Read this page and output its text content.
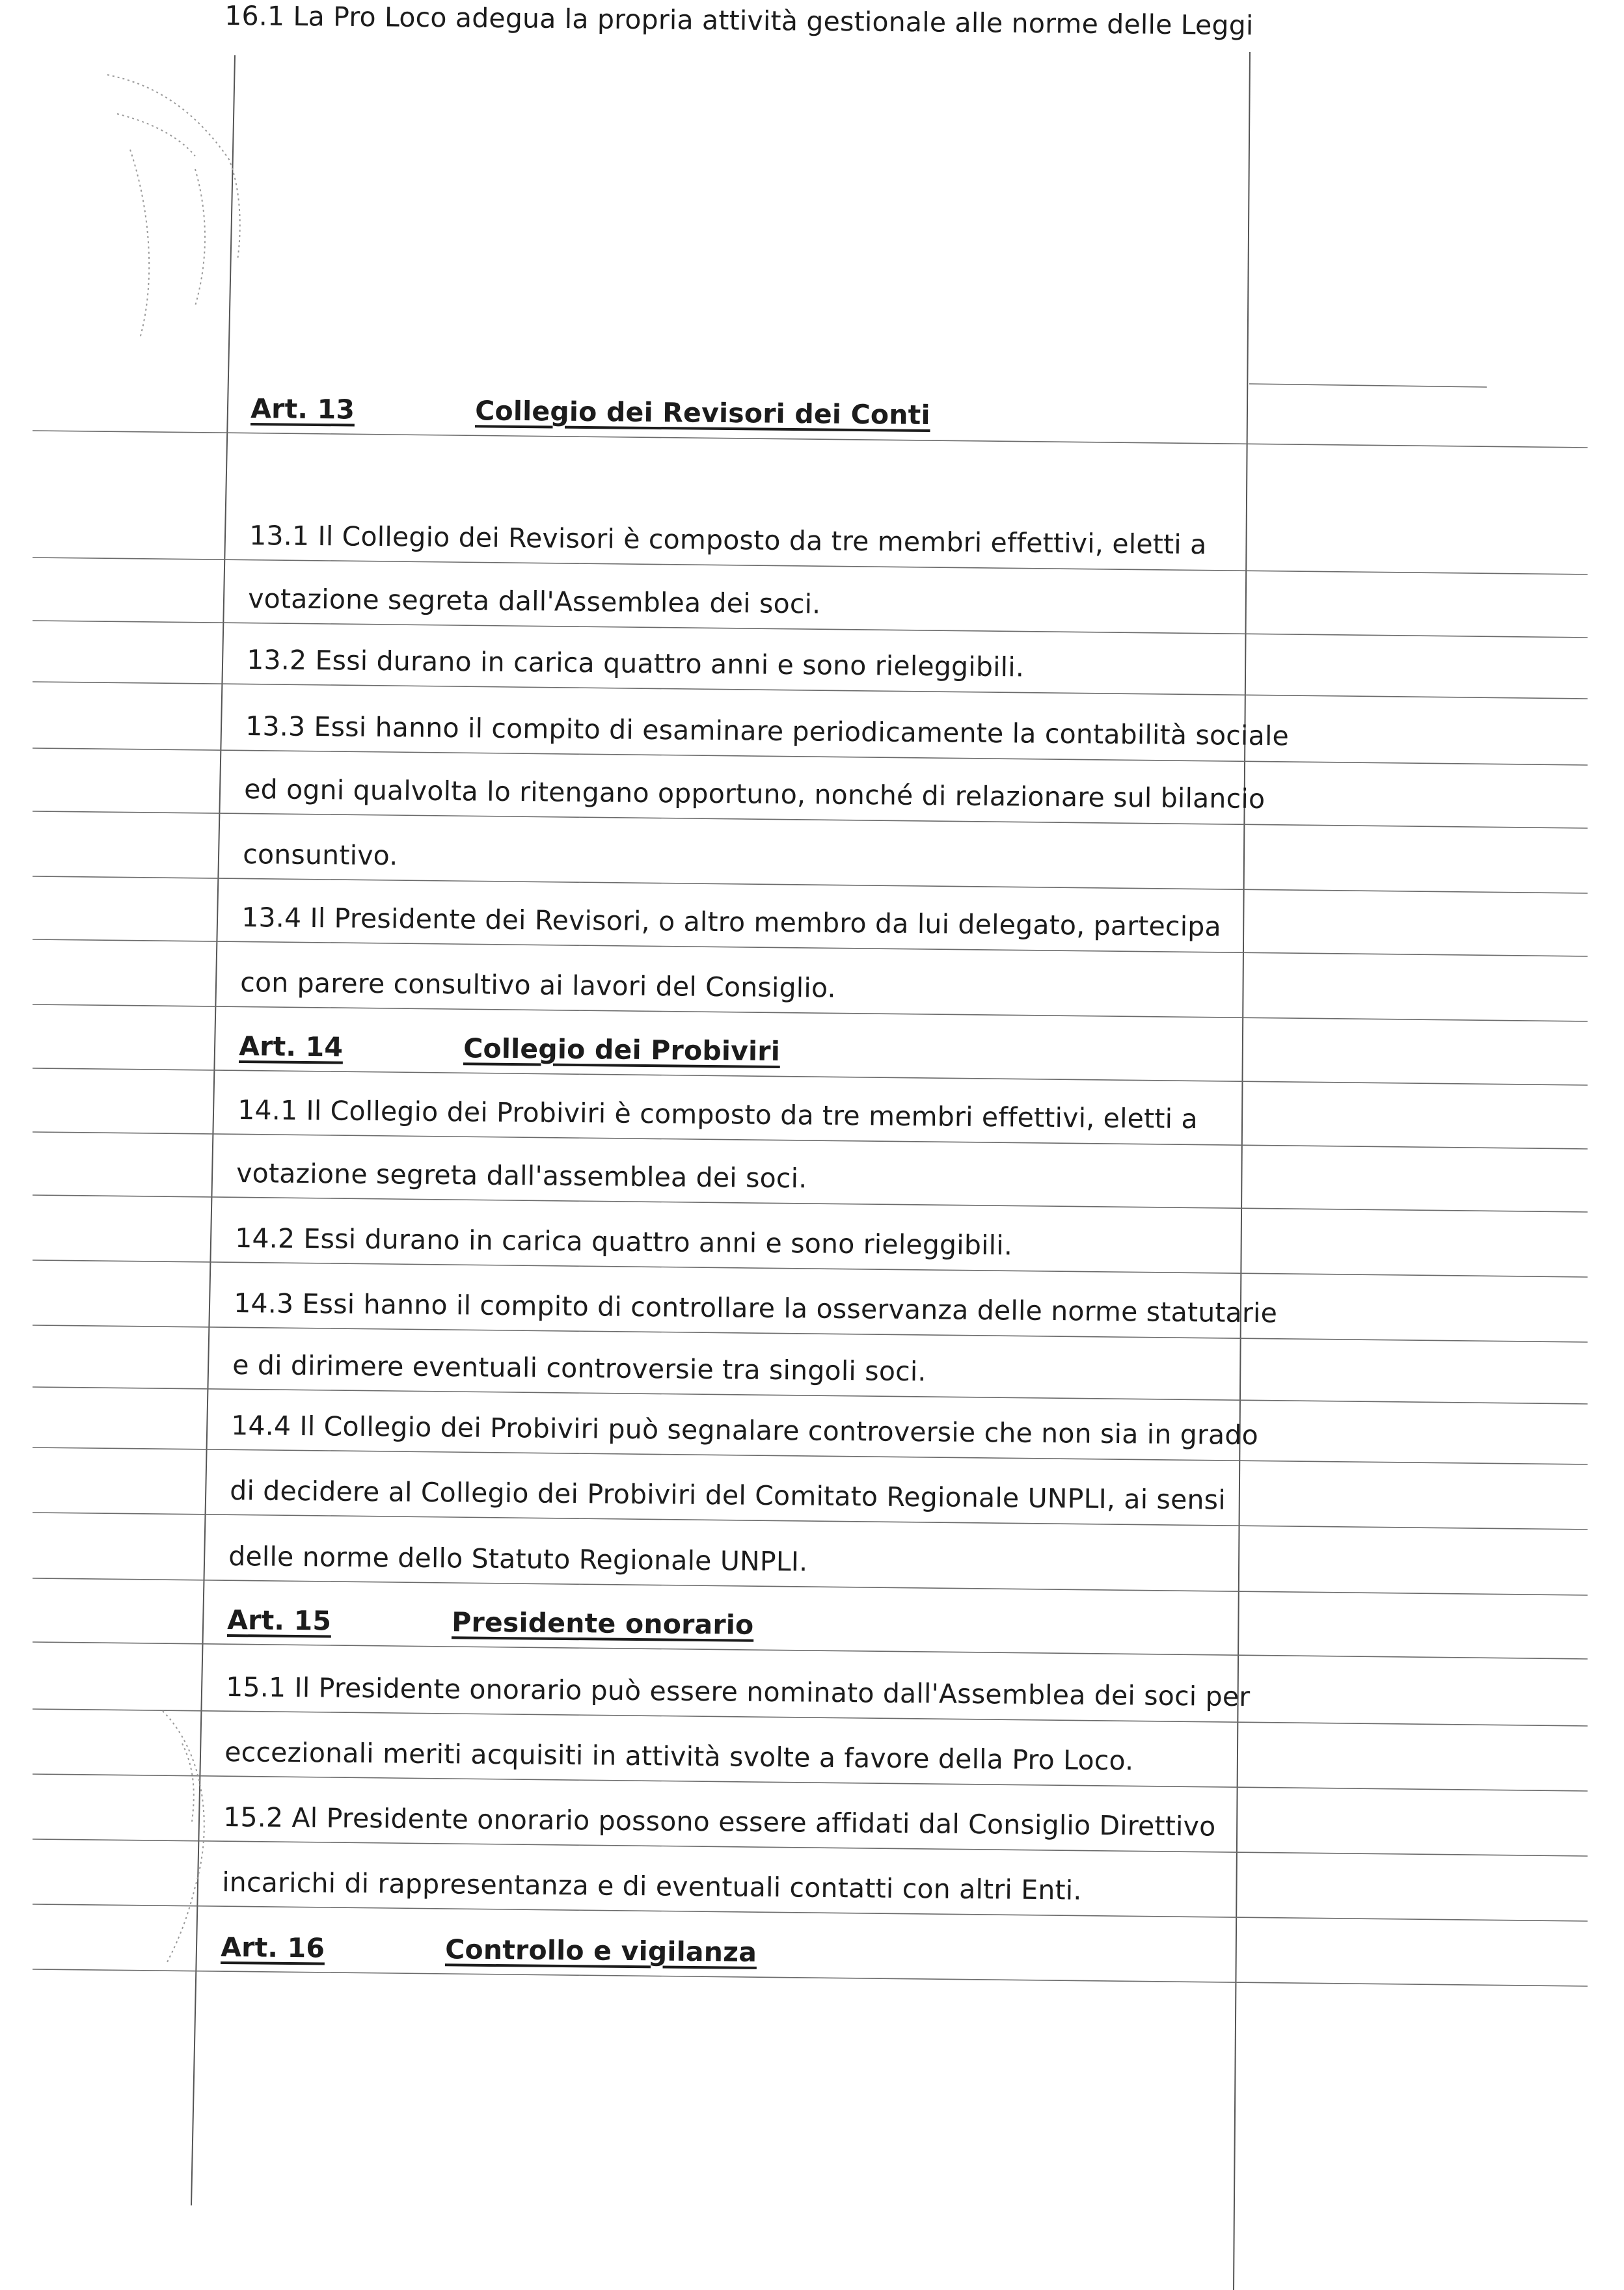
Art. 13	Collegio dei Revisori dei Conti
13.1 Il Collegio dei Revisori è composto da tre membri effettivi, eletti a
votazione segreta dall'Assemblea dei soci.
13.2 Essi durano in carica quattro anni e sono rieleggibili.
13.3 Essi hanno il compito di esaminare periodicamente la contabilità sociale
ed ogni qualvolta lo ritengano opportuno, nonché di relazionare sul bilancio
consuntivo.
13.4 Il Presidente dei Revisori, o altro membro da lui delegato, partecipa
con parere consultivo ai lavori del Consiglio.
Art. 14	Collegio dei Probiviri
14.1 Il Collegio dei Probiviri è composto da tre membri effettivi, eletti a
votazione segreta dall'assemblea dei soci.
14.2 Essi durano in carica quattro anni e sono rieleggibili.
14.3 Essi hanno il compito di controllare la osservanza delle norme statutarie
e di dirimere eventuali controversie tra singoli soci.
14.4 Il Collegio dei Probiviri può segnalare controversie che non sia in grado
di decidere al Collegio dei Probiviri del Comitato Regionale UNPLI, ai sensi
delle norme dello Statuto Regionale UNPLI.
Art. 15	Presidente onorario
15.1 Il Presidente onorario può essere nominato dall'Assemblea dei soci per
eccezionali meriti acquisiti in attività svolte a favore della Pro Loco.
15.2 Al Presidente onorario possono essere affidati dal Consiglio Direttivo
incarichi di rappresentanza e di eventuali contatti con altri Enti.
Art. 16	Controllo e vigilanza
16.1 La Pro Loco adegua la propria attività gestionale alle norme delle Leggi
